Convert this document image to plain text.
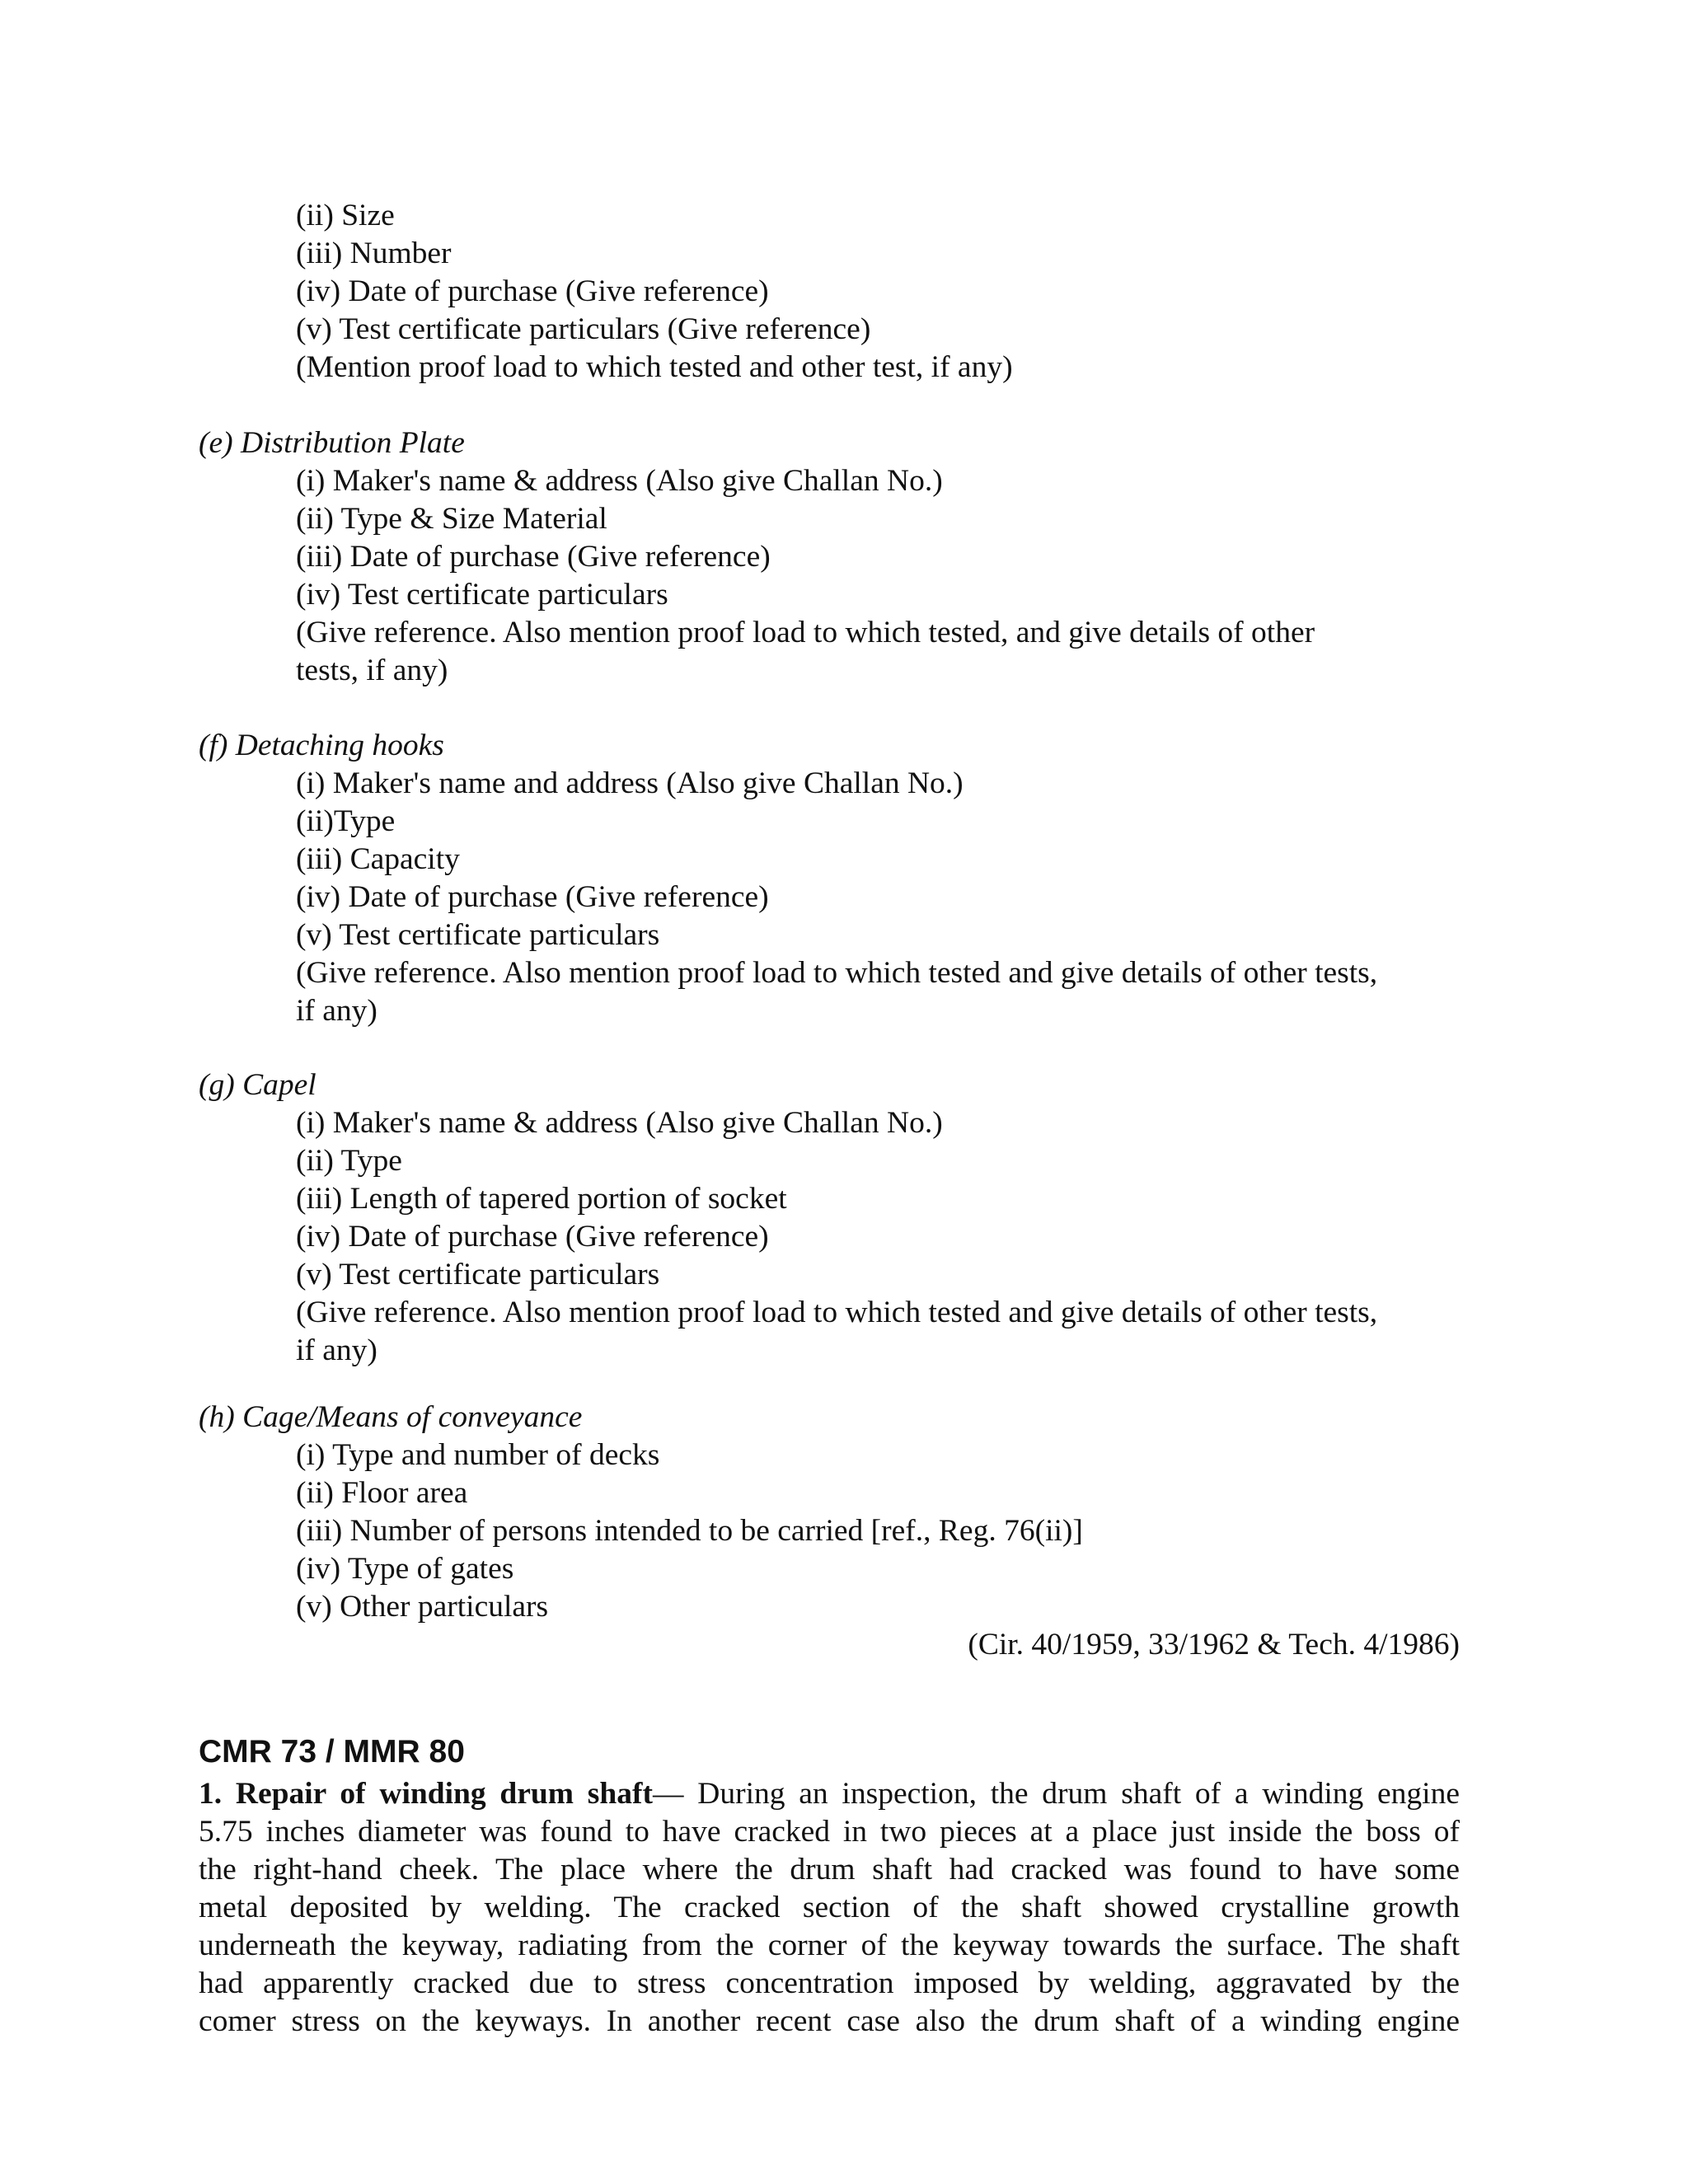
(ii) Size
(iii) Number
(iv) Date of purchase (Give reference)
(v) Test certificate particulars (Give reference)
(Mention proof load to which tested and other test, if any)
(e) Distribution Plate
(i) Maker's name & address (Also give Challan No.)
(ii) Type & Size Material
(iii) Date of purchase (Give reference)
(iv) Test certificate particulars
(Give reference. Also mention proof load to which tested, and give details of other
tests, if any)
(f) Detaching hooks
(i) Maker's name and address (Also give Challan No.)
(ii)Type
(iii) Capacity
(iv) Date of purchase (Give reference)
(v) Test certificate particulars
(Give reference. Also mention proof load to which tested and give details of other tests,
if any)
(g) Capel
(i) Maker's name & address (Also give Challan No.)
(ii) Type
(iii) Length of tapered portion of socket
(iv) Date of purchase (Give reference)
(v) Test certificate particulars
(Give reference. Also mention proof load to which tested and give details of other tests,
if any)
(h) Cage/Means of conveyance
(i) Type and number of decks
(ii) Floor area
(iii) Number of persons intended to be carried [ref., Reg. 76(ii)]
(iv) Type of gates
(v) Other particulars
(Cir. 40/1959, 33/1962 & Tech. 4/1986)
CMR 73 / MMR 80
1. Repair of winding drum shaft— During an inspection, the drum shaft of a winding engine
5.75 inches diameter was found to have cracked in two pieces at a place just inside the boss of
the right-hand cheek. The place where the drum shaft had cracked was found to have some
metal deposited by welding. The cracked section of the shaft showed crystalline growth
underneath the keyway, radiating from the corner of the keyway towards the surface. The shaft
had apparently cracked due to stress concentration imposed by welding, aggravated by the
comer stress on the keyways. In another recent case also the drum shaft of a winding engine
